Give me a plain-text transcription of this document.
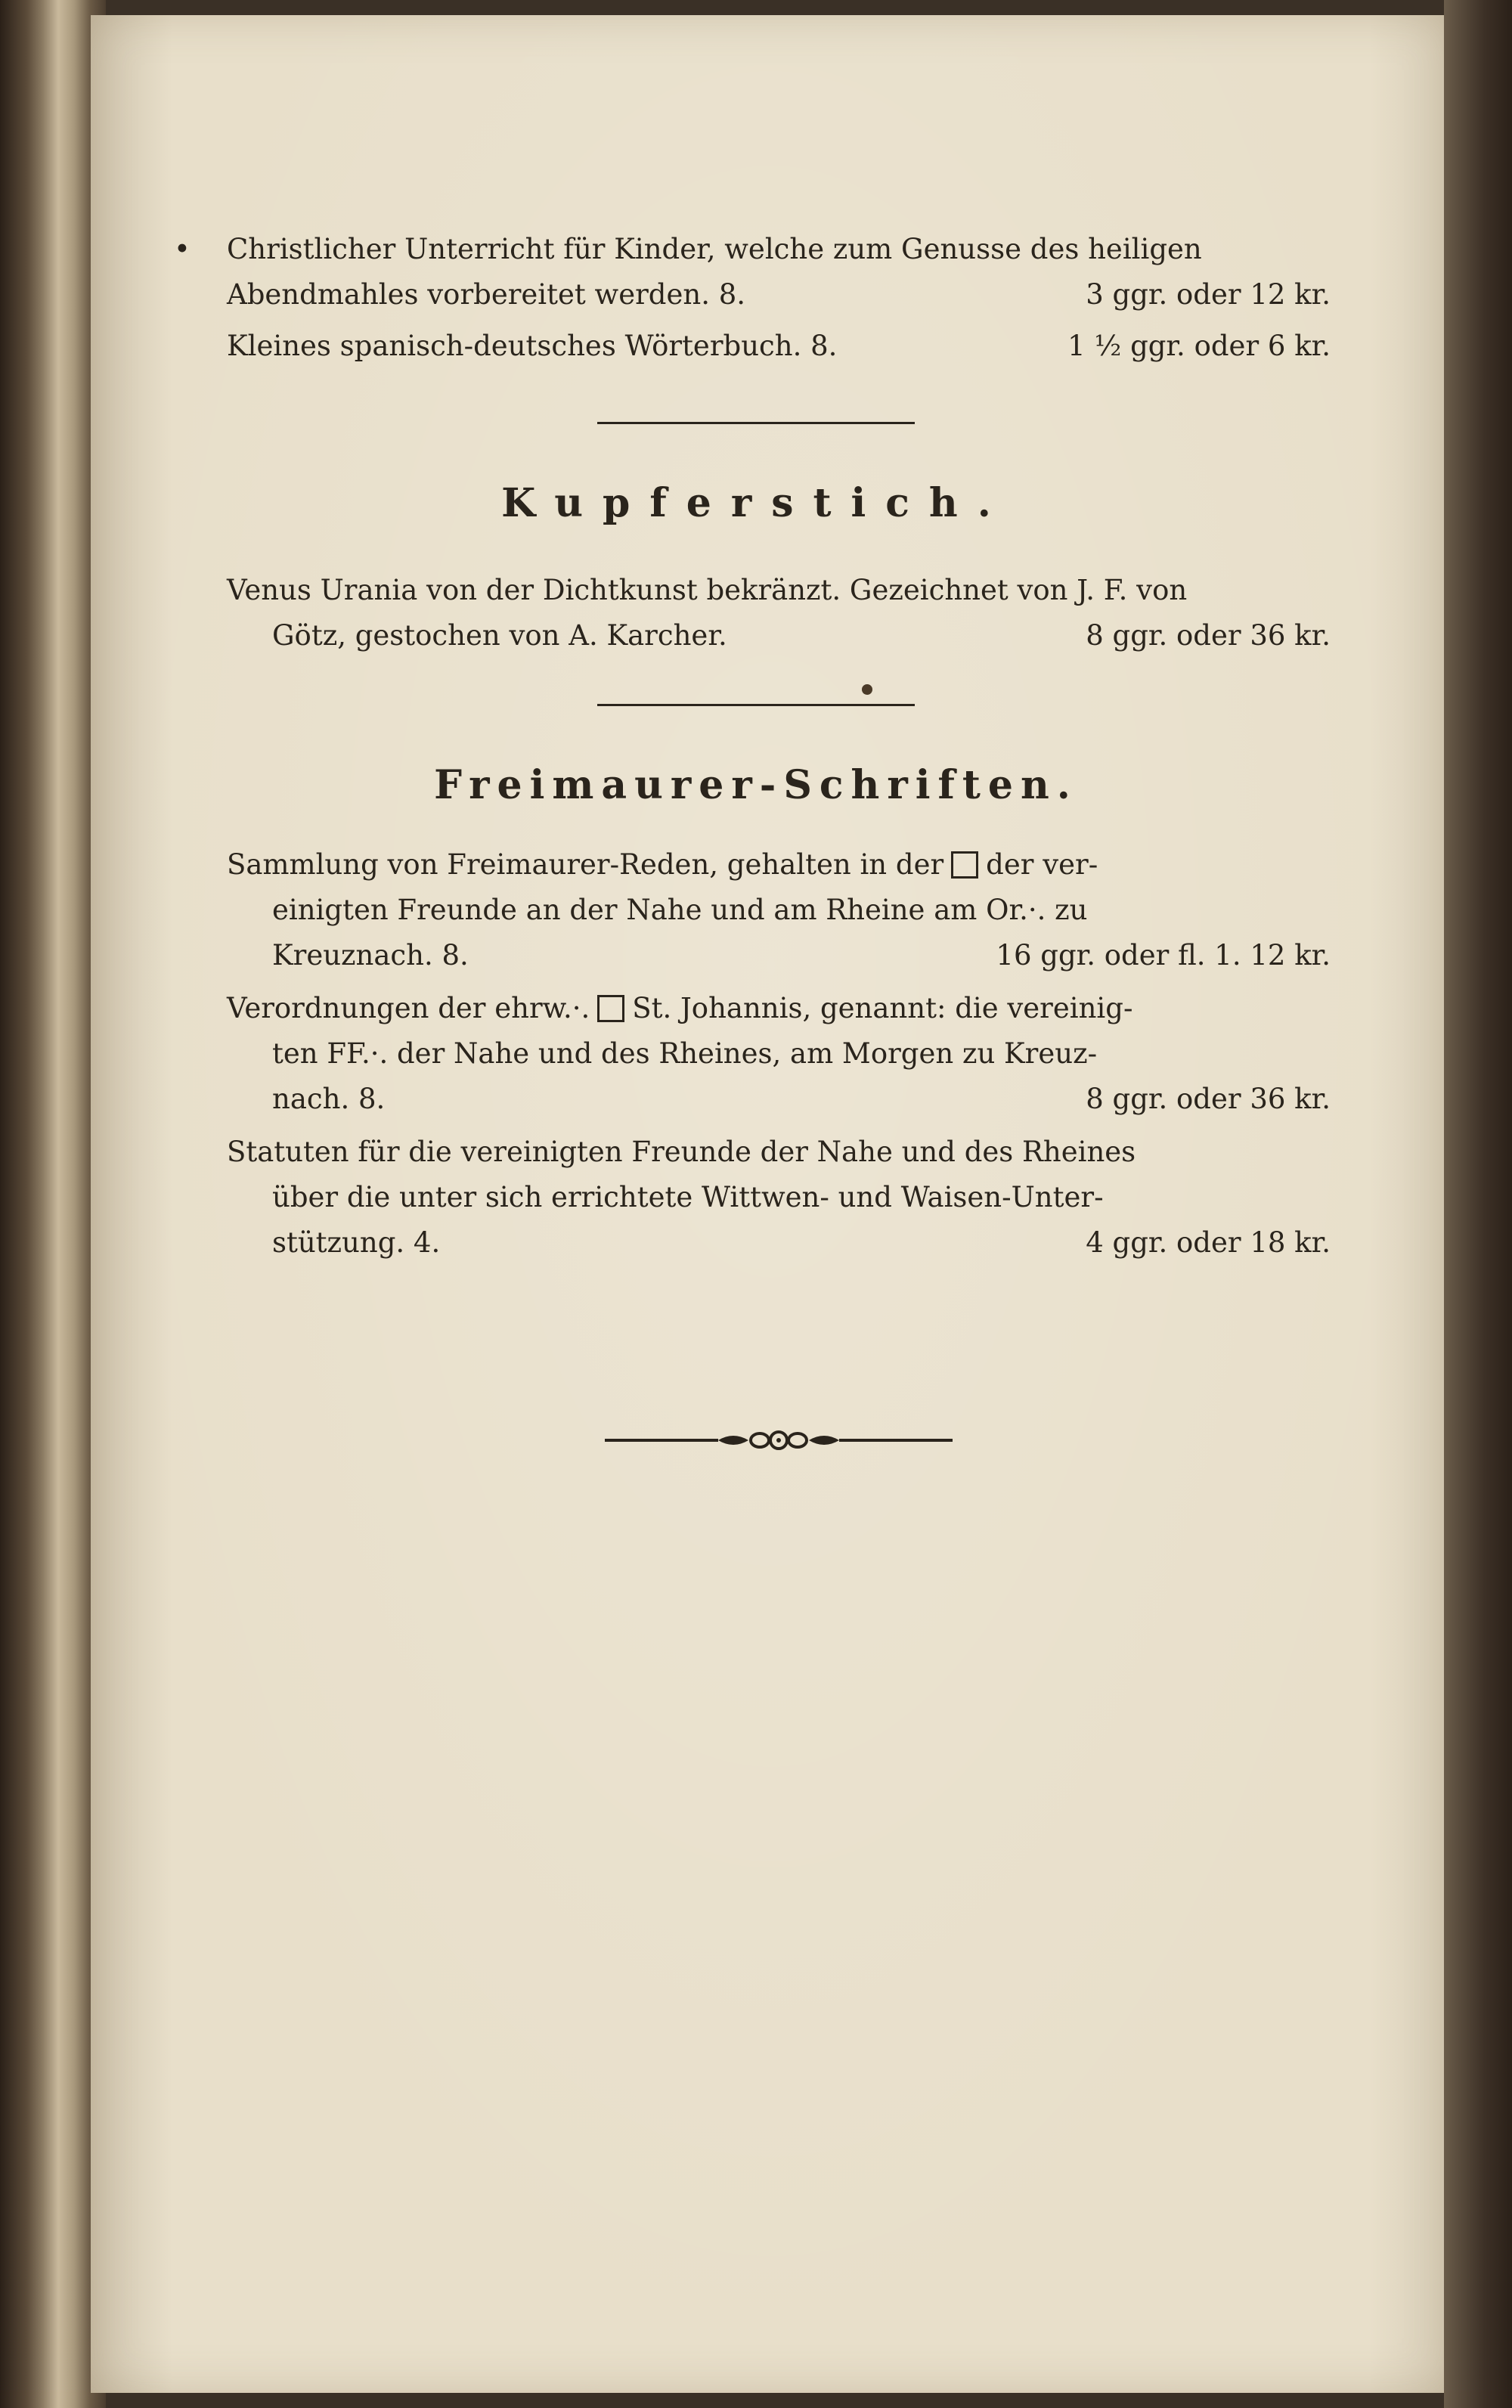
• Christlicher Unterricht für Kinder, welche zum Genusse des heiligen
Abendmahles vorbereitet werden. 8.	3 ggr. oder 12 kr.
Kleines spanisch-deutsches Wörterbuch. 8.	1 ½ ggr. oder 6 kr.
Kupferstich.
Venus Urania von der Dichtkunst bekränzt. Gezeichnet von J. F. von
Götz, gestochen von A. Karcher.	8 ggr. oder 36 kr.
Freimaurer-Schriften.
Sammlung von Freimaurer-Reden, gehalten in der der ver-
einigten Freunde an der Nahe und am Rheine am Or.·. zu
Kreuznach. 8.	16 ggr. oder fl. 1. 12 kr.
Verordnungen der ehrw.·. St. Johannis, genannt: die vereinig-
ten FF.·. der Nahe und des Rheines, am Morgen zu Kreuz-
nach. 8.	8 ggr. oder 36 kr.
Statuten für die vereinigten Freunde der Nahe und des Rheines
über die unter sich errichtete Wittwen- und Waisen-Unter-
stützung. 4.	4 ggr. oder 18 kr.
